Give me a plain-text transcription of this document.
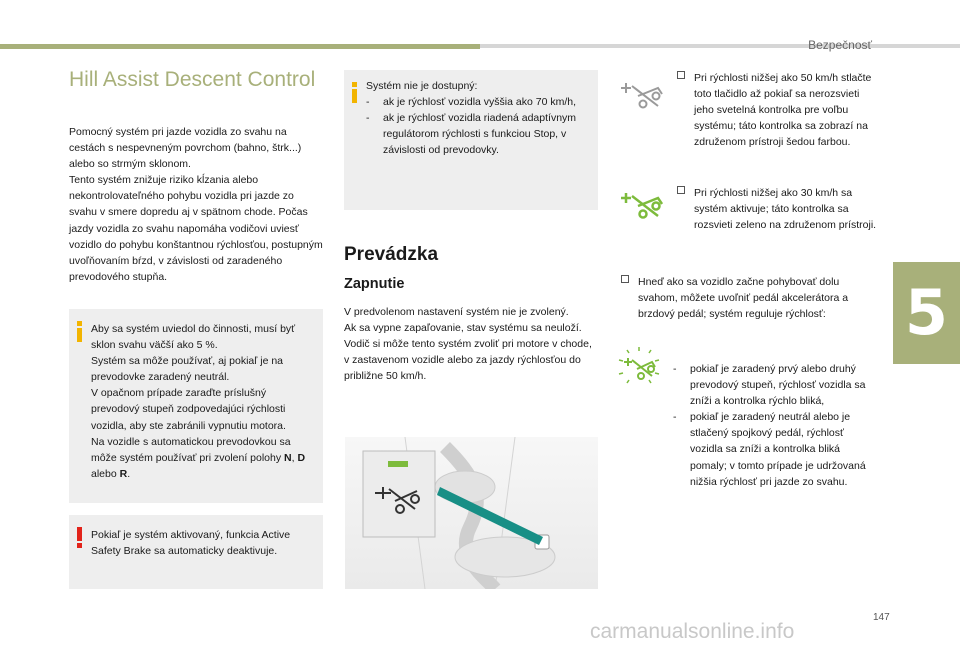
Bezpečnosť
5
Hill Assist Descent Control
Pomocný systém pri jazde vozidla zo svahu na cestách s nespevneným povrchom (bahno, štrk...) alebo so strmým sklonom.
Tento systém znižuje riziko kĺzania alebo nekontrolovateľného pohybu vozidla pri jazde zo svahu v smere dopredu aj v spätnom chode. Počas jazdy vozidla zo svahu napomáha vodičovi uviesť vozidlo do pohybu konštantnou rýchlosťou, postupným uvoľňovaním bŕzd, v závislosti od zaradeného prevodového stupňa.
Aby sa systém uviedol do činnosti, musí byť sklon svahu väčší ako 5 %.
Systém sa môže používať, aj pokiaľ je na prevodovke zaradený neutrál.
V opačnom prípade zaraďte príslušný prevodový stupeň zodpovedajúci rýchlosti vozidla, aby ste zabránili vypnutiu motora.
Na vozidle s automatickou prevodovkou sa môže systém používať pri zvolení polohy N, D alebo R.
Pokiaľ je systém aktivovaný, funkcia Active Safety Brake sa automaticky deaktivuje.
Systém nie je dostupný:
- ak je rýchlosť vozidla vyššia ako 70 km/h,
- ak je rýchlosť vozidla riadená adaptívnym regulátorom rýchlosti s funkciou Stop, v závislosti od prevodovky.
Prevádzka
Zapnutie
V predvolenom nastavení systém nie je zvolený.
Ak sa vypne zapaľovanie, stav systému sa neuloží.
Vodič si môže tento systém zvoliť pri motore v chode, v zastavenom vozidle alebo za jazdy rýchlosťou do približne 50 km/h.
Pri rýchlosti nižšej ako 50 km/h stlačte toto tlačidlo až pokiaľ sa nerozsvieti jeho svetelná kontrolka pre voľbu systému; táto kontrolka sa zobrazí na združenom prístroji šedou farbou.
Pri rýchlosti nižšej ako 30 km/h sa systém aktivuje; táto kontrolka sa rozsvieti zeleno na združenom prístroji.
Hneď ako sa vozidlo začne pohybovať dolu svahom, môžete uvoľniť pedál akcelerátora a brzdový pedál; systém reguluje rýchlosť:
- pokiaľ je zaradený prvý alebo druhý prevodový stupeň, rýchlosť vozidla sa zníži a kontrolka rýchlo bliká,
- pokiaľ je zaradený neutrál alebo je stlačený spojkový pedál, rýchlosť vozidla sa zníži a kontrolka bliká pomaly; v tomto prípade je udržovaná nižšia rýchlosť pri jazde zo svahu.
147
carmanualsonline.info
